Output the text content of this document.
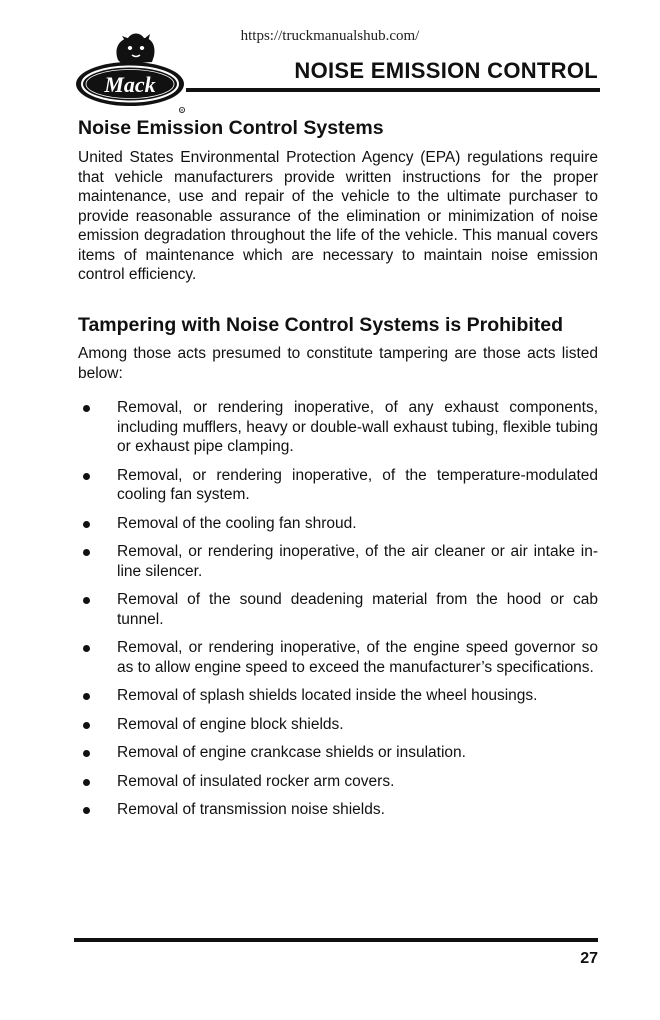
https://truckmanualshub.com/
Mack
R
NOISE EMISSION CONTROL
Noise Emission Control Systems

United States Environmental Protection Agency (EPA) regulations require that vehicle manufacturers provide written instructions for the proper maintenance, use and repair of the vehicle to the ultimate purchaser to provide reasonable assurance of the elimination or minimization of noise emission degradation throughout the life of the vehicle. This manual covers items of maintenance which are necessary to maintain noise emission control efficiency.

Tampering with Noise Control Systems is Prohibited

Among those acts presumed to constitute tampering are those acts listed below:

Removal, or rendering inoperative, of any exhaust components, including mufflers, heavy or double-wall exhaust tubing, flexible tubing or exhaust pipe clamping.
Removal, or rendering inoperative, of the temperature-modulated cooling fan system.
Removal of the cooling fan shroud.
Removal, or rendering inoperative, of the air cleaner or air intake in-line silencer.
Removal of the sound deadening material from the hood or cab tunnel.
Removal, or rendering inoperative, of the engine speed governor so as to allow engine speed to exceed the manufacturer’s specifications.
Removal of splash shields located inside the wheel housings.
Removal of engine block shields.
Removal of engine crankcase shields or insulation.
Removal of insulated rocker arm covers.
Removal of transmission noise shields.
27
